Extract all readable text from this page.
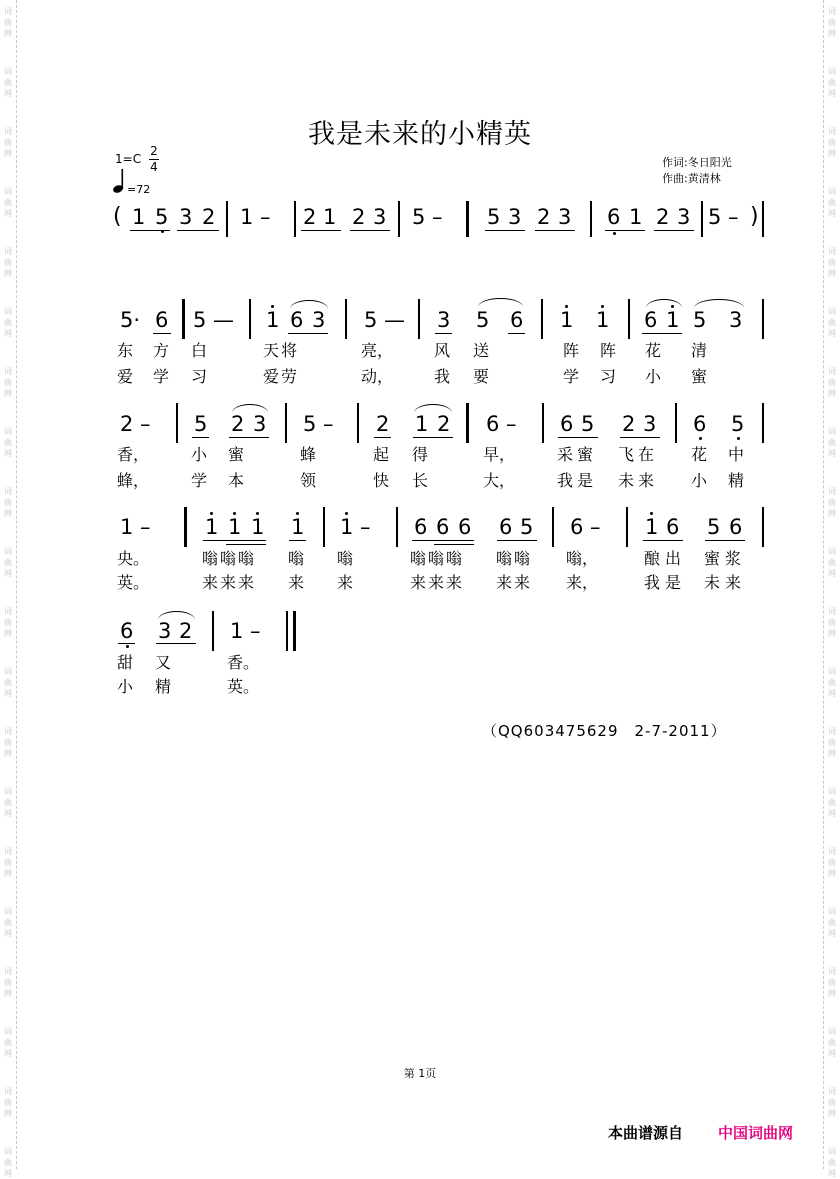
词
曲
网
词
曲
网
词
曲
网
词
曲
网
词
曲
网
词
曲
网
词
曲
网
词
曲
网
词
曲
网
词
曲
网
词
曲
网
词
曲
网
词
曲
网
词
曲
网
词
曲
网
词
曲
网
词
曲
网
词
曲
网
词
曲
网
词
曲
网
词
曲
网
词
曲
网
词
曲
网
词
曲
网
词
曲
网
词
曲
网
词
曲
网
词
曲
网
词
曲
网
词
曲
网
词
曲
网
词
曲
网
词
曲
网
词
曲
网
词
曲
网
词
曲
网
词
曲
网
词
曲
网
词
曲
网
词
曲
网
我是未来的小精英
1=C
2
4
=72
作词:冬日阳光
作曲:黄清林
( 1 5 3 2 1 – 2 1 2 3 5 – 5 3 2 3 6 1 2 3 5 – )
5· 6 5 — 1 6 3 5 — 3 5 6 1 1 6 1 5 3
东 方 白	天将	亮，	风 送	阵 阵 花 清
爱 学 习	爱劳	动，	我 要	学 习 小 蜜
2 – 5 2 3 5 – 2 1 2 6 – 6 5 2 3 6 5
香，	小 蜜	蜂	起 得	早，	采蜜 飞在 花 中
蜂，	学 本	领	快 长	大，	我是 未来 小 精
1 –	1 1 1 1 1 – 6 6 6 6 5 6 – 1 6 5 6
央。	嗡嗡嗡 嗡 嗡	嗡嗡嗡 嗡嗡 嗡，	酿出 蜜浆
英。	来来来 来 来	来来来 来来 来，	我是 未来
6 3 2 1 –
甜 又	香。
小 精	英。
（QQ603475629　2-7-2011）
第 1页
本曲谱源自 中国词曲网
